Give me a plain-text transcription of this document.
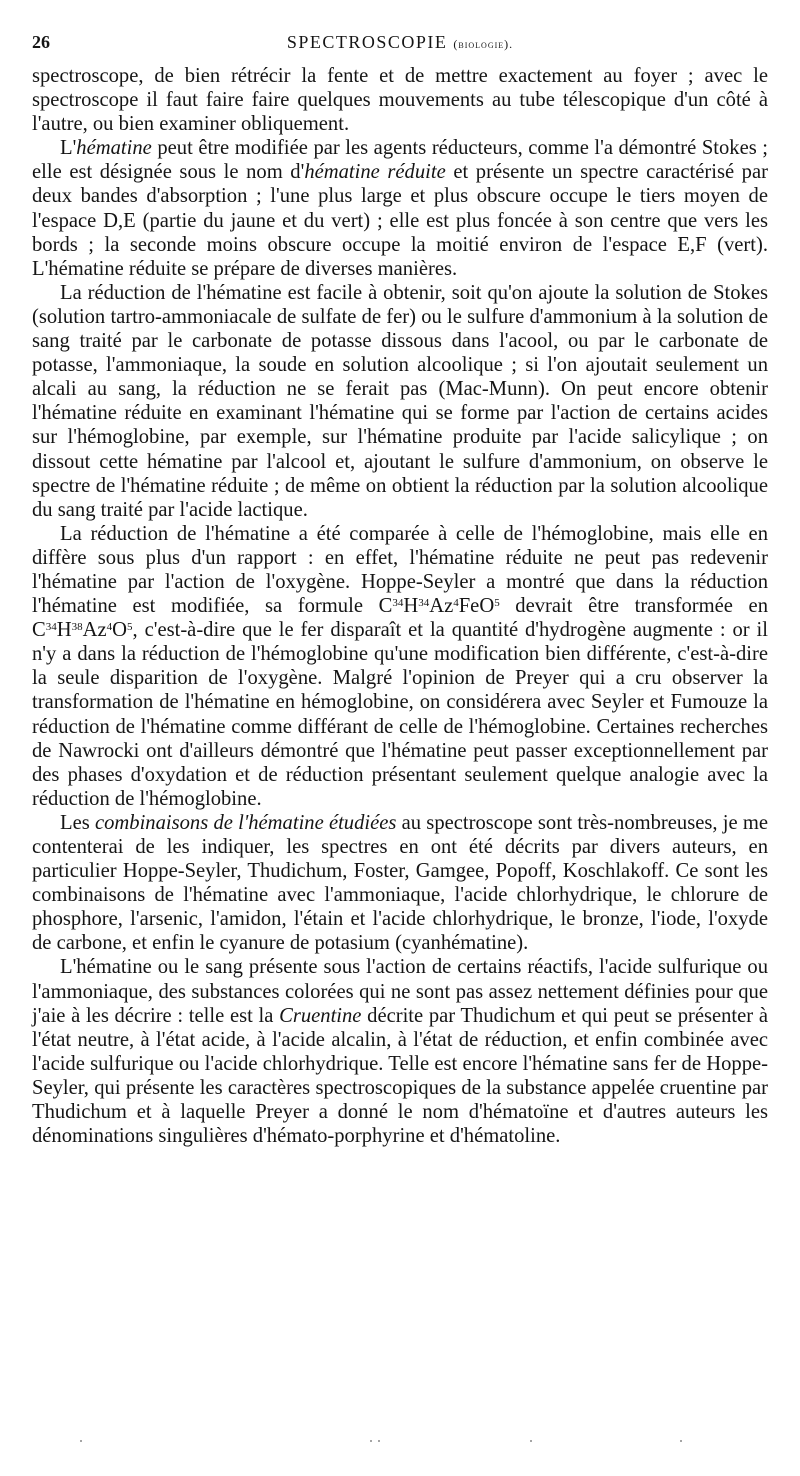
26	SPECTROSCOPIE (biologie).

spectroscope, de bien rétrécir la fente et de mettre exactement au foyer ; avec le spectroscope il faut faire faire quelques mouvements au tube télescopique d'un côté à l'autre, ou bien examiner obliquement.

L'hématine peut être modifiée par les agents réducteurs, comme l'a démontré Stokes ; elle est désignée sous le nom d'hématine réduite et présente un spectre caractérisé par deux bandes d'absorption ; l'une plus large et plus obscure occupe le tiers moyen de l'espace D,E (partie du jaune et du vert) ; elle est plus foncée à son centre que vers les bords ; la seconde moins obscure occupe la moitié environ de l'espace E,F (vert). L'hématine réduite se prépare de diverses manières.

La réduction de l'hématine est facile à obtenir, soit qu'on ajoute la solution de Stokes (solution tartro-ammoniacale de sulfate de fer) ou le sulfure d'ammonium à la solution de sang traité par le carbonate de potasse dissous dans l'acool, ou par le carbonate de potasse, l'ammoniaque, la soude en solution alcoolique ; si l'on ajoutait seulement un alcali au sang, la réduction ne se ferait pas (Mac-Munn). On peut encore obtenir l'hématine réduite en examinant l'hématine qui se forme par l'action de certains acides sur l'hémoglobine, par exemple, sur l'hématine produite par l'acide salicylique ; on dissout cette hématine par l'alcool et, ajoutant le sulfure d'ammonium, on observe le spectre de l'hématine réduite ; de même on obtient la réduction par la solution alcoolique du sang traité par l'acide lactique.

La réduction de l'hématine a été comparée à celle de l'hémoglobine, mais elle en diffère sous plus d'un rapport : en effet, l'hématine réduite ne peut pas redevenir l'hématine par l'action de l'oxygène. Hoppe-Seyler a montré que dans la réduction l'hématine est modifiée, sa formule $C^{34}H^{34}Az^4FeO^5$ devrait être transformée en $C^{34}H^{38}Az^4O^5$, c'est-à-dire que le fer disparaît et la quantité d'hydrogène augmente : or il n'y a dans la réduction de l'hémoglobine qu'une modification bien différente, c'est-à-dire la seule disparition de l'oxygène. Malgré l'opinion de Preyer qui a cru observer la transformation de l'hématine en hémoglobine, on considérera avec Seyler et Fumouze la réduction de l'hématine comme différant de celle de l'hémoglobine. Certaines recherches de Nawrocki ont d'ailleurs démontré que l'hématine peut passer exceptionnellement par des phases d'oxydation et de réduction présentant seulement quelque analogie avec la réduction de l'hémoglobine.

Les combinaisons de l'hématine étudiées au spectroscope sont très-nombreuses, je me contenterai de les indiquer, les spectres en ont été décrits par divers auteurs, en particulier Hoppe-Seyler, Thudichum, Foster, Gamgee, Popoff, Koschlakoff. Ce sont les combinaisons de l'hématine avec l'ammoniaque, l'acide chlorhydrique, le chlorure de phosphore, l'arsenic, l'amidon, l'étain et l'acide chlorhydrique, le bronze, l'iode, l'oxyde de carbone, et enfin le cyanure de potasium (cyanhématine).

L'hématine ou le sang présente sous l'action de certains réactifs, l'acide sulfurique ou l'ammoniaque, des substances colorées qui ne sont pas assez nettement définies pour que j'aie à les décrire : telle est la Cruentine décrite par Thudichum et qui peut se présenter à l'état neutre, à l'état acide, à l'acide alcalin, à l'état de réduction, et enfin combinée avec l'acide sulfurique ou l'acide chlorhydrique. Telle est encore l'hématine sans fer de Hoppe-Seyler, qui présente les caractères spectroscopiques de la substance appelée cruentine par Thudichum et à laquelle Preyer a donné le nom d'hématoïne et d'autres auteurs les dénominations singulières d'hémato-porphyrine et d'hématoline.
